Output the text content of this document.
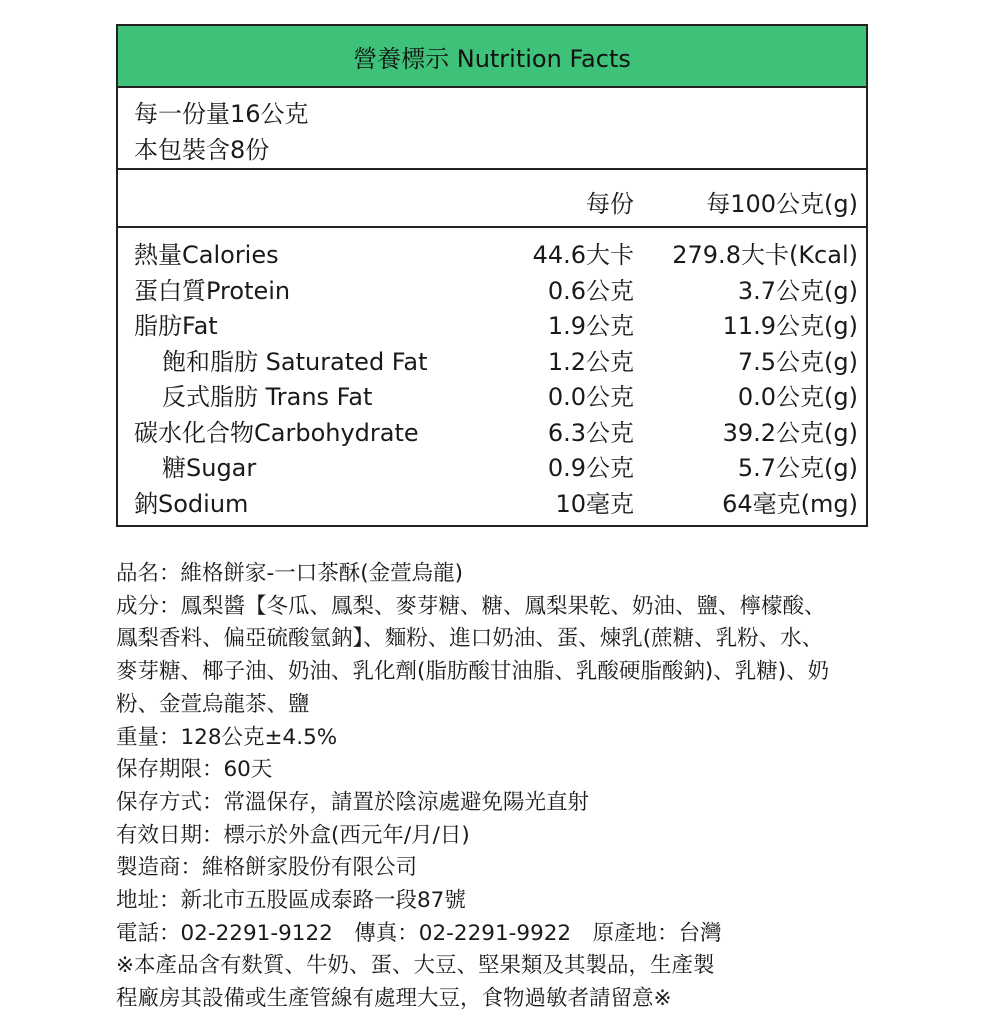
營養標示 Nutrition Facts
每一份量16公克
本包裝含8份
每份	每100公克(g)
熱量Calories	44.6大卡 279.8大卡(Kcal)
蛋白質Protein	0.6公克	3.7公克(g)
脂肪Fat	1.9公克	11.9公克(g)
飽和脂肪 Saturated Fat	1.2公克	7.5公克(g)
反式脂肪 Trans Fat	0.0公克	0.0公克(g)
碳水化合物Carbohydrate	6.3公克	39.2公克(g)
糖Sugar	0.9公克	5.7公克(g)
鈉Sodium	10毫克	64毫克(mg)
品名：維格餅家-一口茶酥(金萱烏龍)
成分：鳳梨醬【冬瓜、鳳梨、麥芽糖、糖、鳳梨果乾、奶油、鹽、檸檬酸、
鳳梨香料、偏亞硫酸氫鈉】、麵粉、進口奶油、蛋、煉乳(蔗糖、乳粉、水、
麥芽糖、椰子油、奶油、乳化劑(脂肪酸甘油脂、乳酸硬脂酸鈉)、乳糖)、奶
粉、金萱烏龍茶、鹽
重量：128公克±4.5%
保存期限：60天
保存方式：常溫保存，請置於陰涼處避免陽光直射
有效日期：標示於外盒(西元年/月/日)
製造商：維格餅家股份有限公司
地址：新北市五股區成泰路一段87號
電話：02-2291-9122　傳真：02-2291-9922　原產地：台灣
※本產品含有麩質、牛奶、蛋、大豆、堅果類及其製品，生產製
程廠房其設備或生產管線有處理大豆，食物過敏者請留意※
